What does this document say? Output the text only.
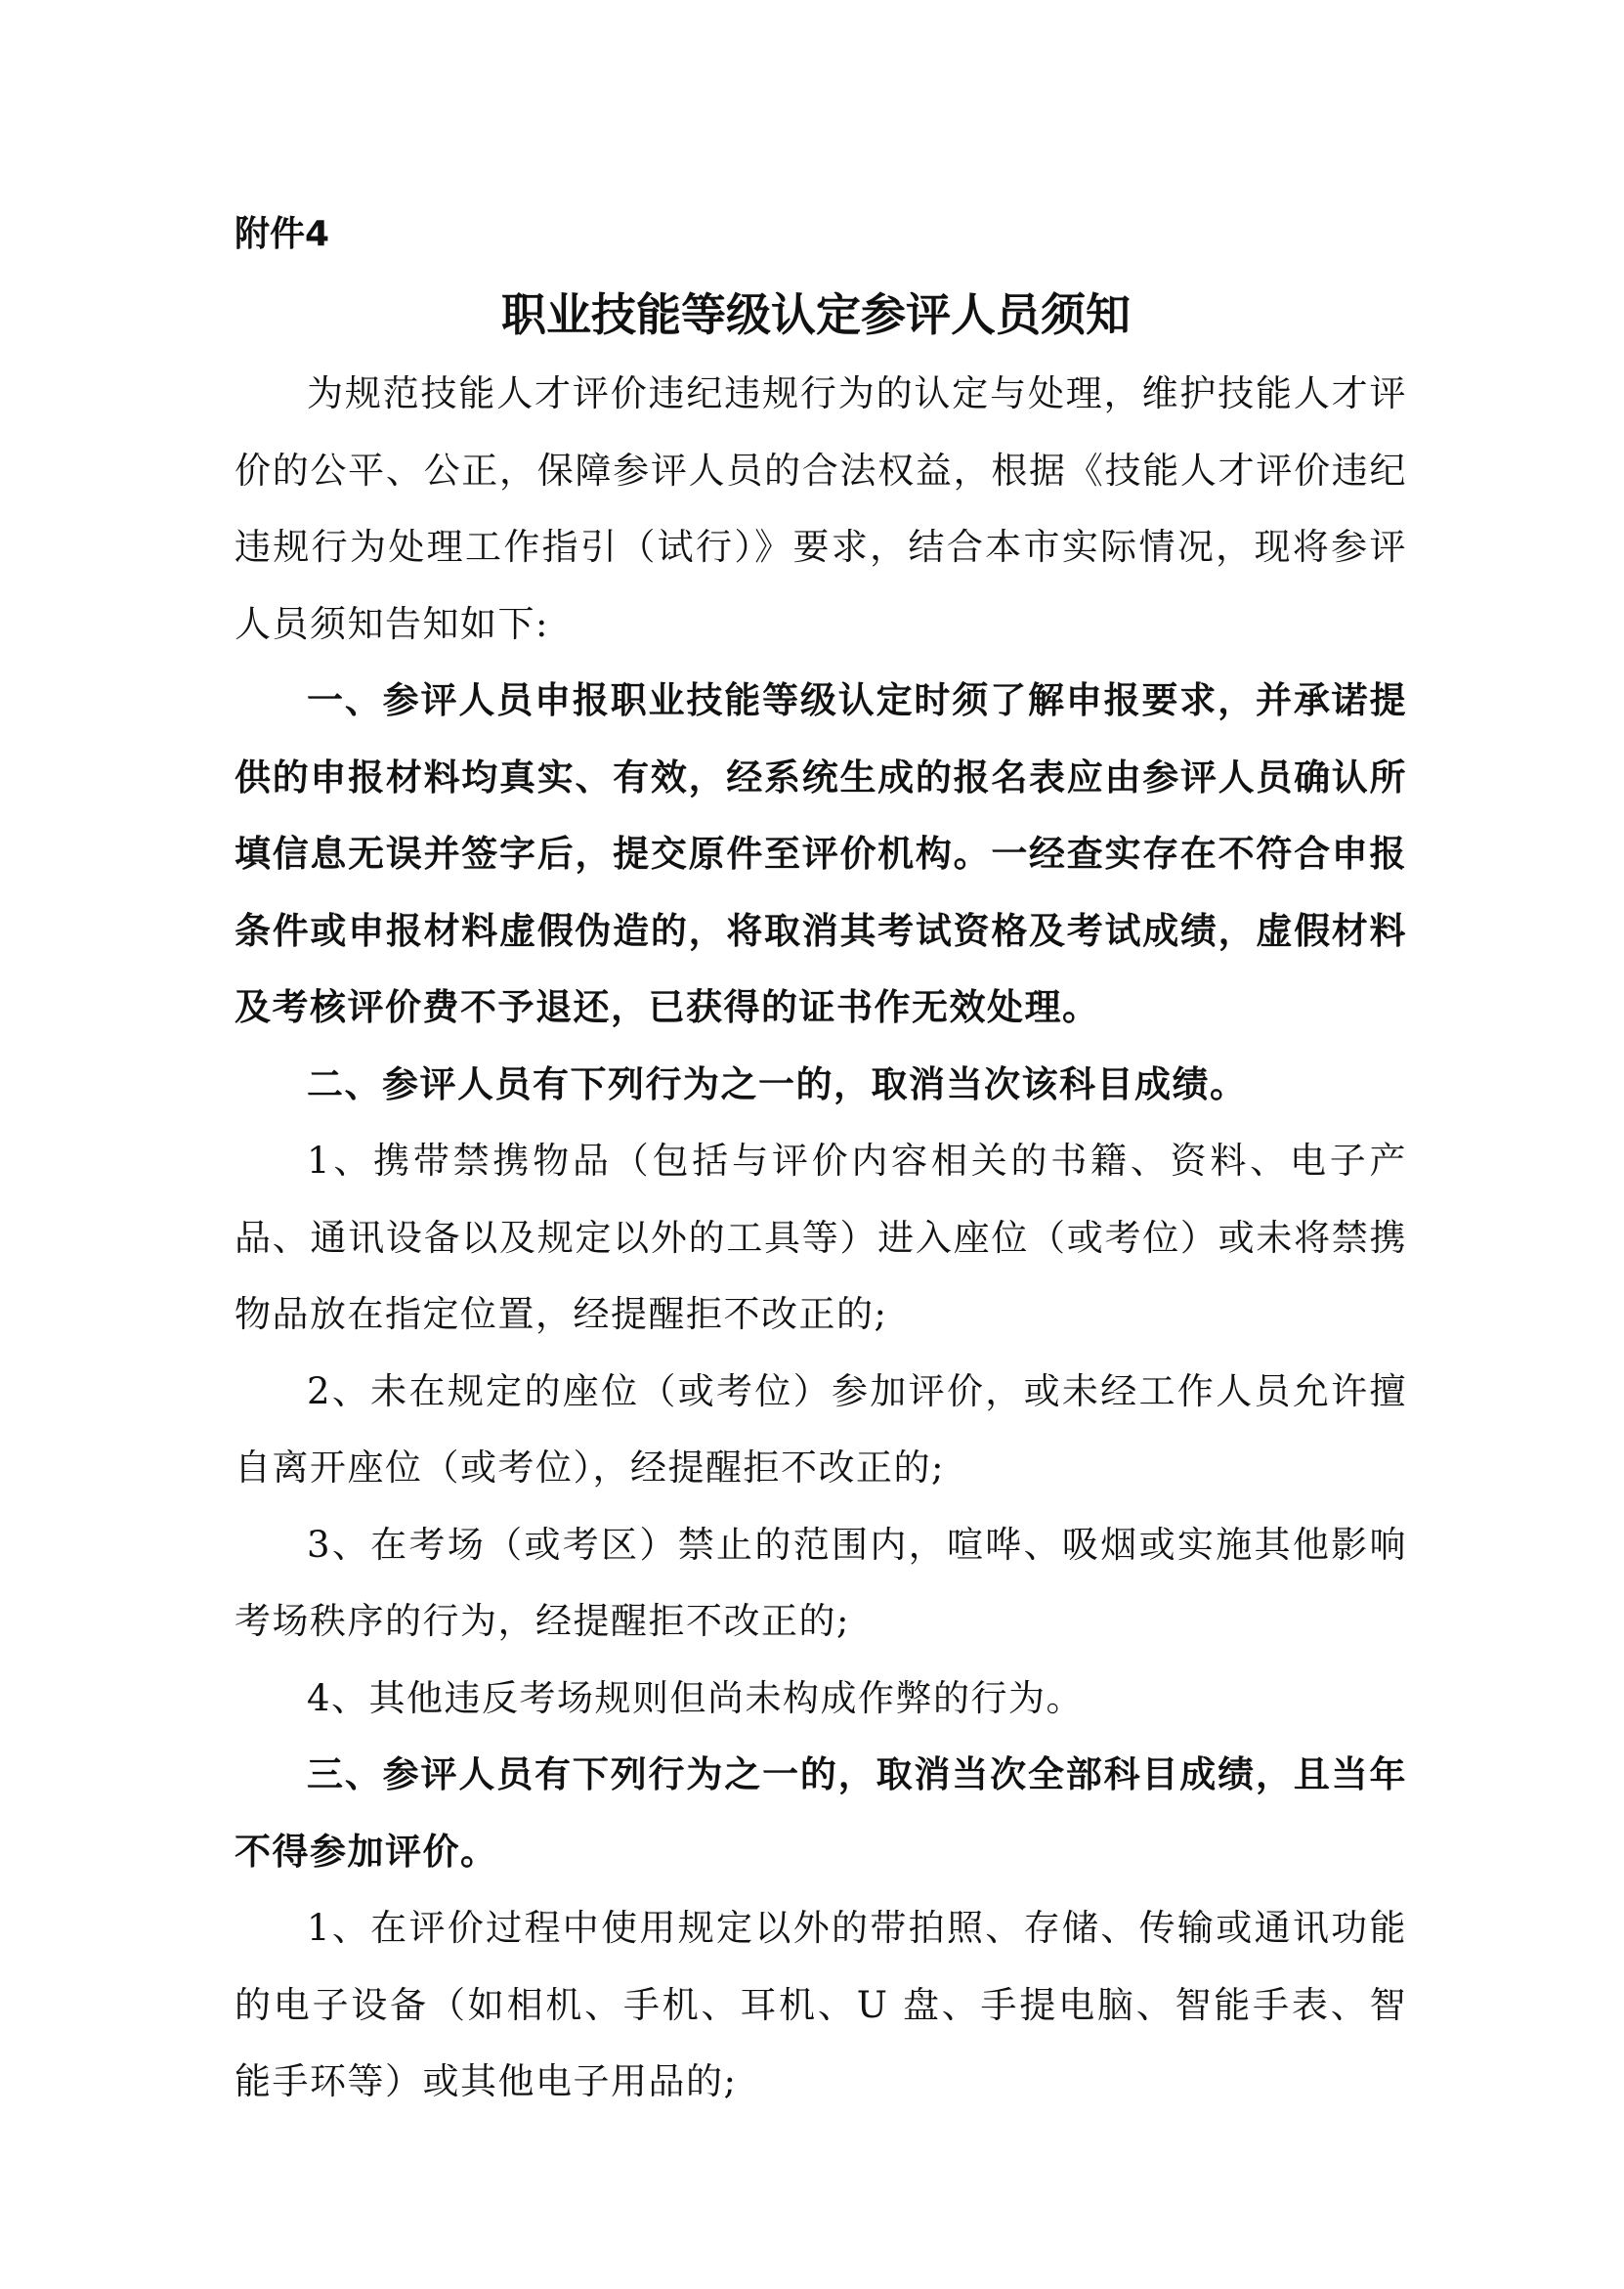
附件4
职业技能等级认定参评人员须知

为规范技能人才评价违纪违规行为的认定与处理，维护技能人才评价的公平、公正，保障参评人员的合法权益，根据《技能人才评价违纪违规行为处理工作指引（试行）》要求，结合本市实际情况，现将参评人员须知告知如下:

一、参评人员申报职业技能等级认定时须了解申报要求，并承诺提供的申报材料均真实、有效，经系统生成的报名表应由参评人员确认所填信息无误并签字后，提交原件至评价机构。一经查实存在不符合申报条件或申报材料虚假伪造的，将取消其考试资格及考试成绩，虚假材料及考核评价费不予退还，已获得的证书作无效处理。

二、参评人员有下列行为之一的，取消当次该科目成绩。

1、携带禁携物品（包括与评价内容相关的书籍、资料、电子产品、通讯设备以及规定以外的工具等）进入座位（或考位）或未将禁携物品放在指定位置，经提醒拒不改正的;

2、未在规定的座位（或考位）参加评价，或未经工作人员允许擅自离开座位（或考位），经提醒拒不改正的;

3、在考场（或考区）禁止的范围内，喧哗、吸烟或实施其他影响考场秩序的行为，经提醒拒不改正的;

4、其他违反考场规则但尚未构成作弊的行为。

三、参评人员有下列行为之一的，取消当次全部科目成绩，且当年不得参加评价。

1、在评价过程中使用规定以外的带拍照、存储、传输或通讯功能的电子设备（如相机、手机、耳机、U 盘、手提电脑、智能手表、智能手环等）或其他电子用品的;
